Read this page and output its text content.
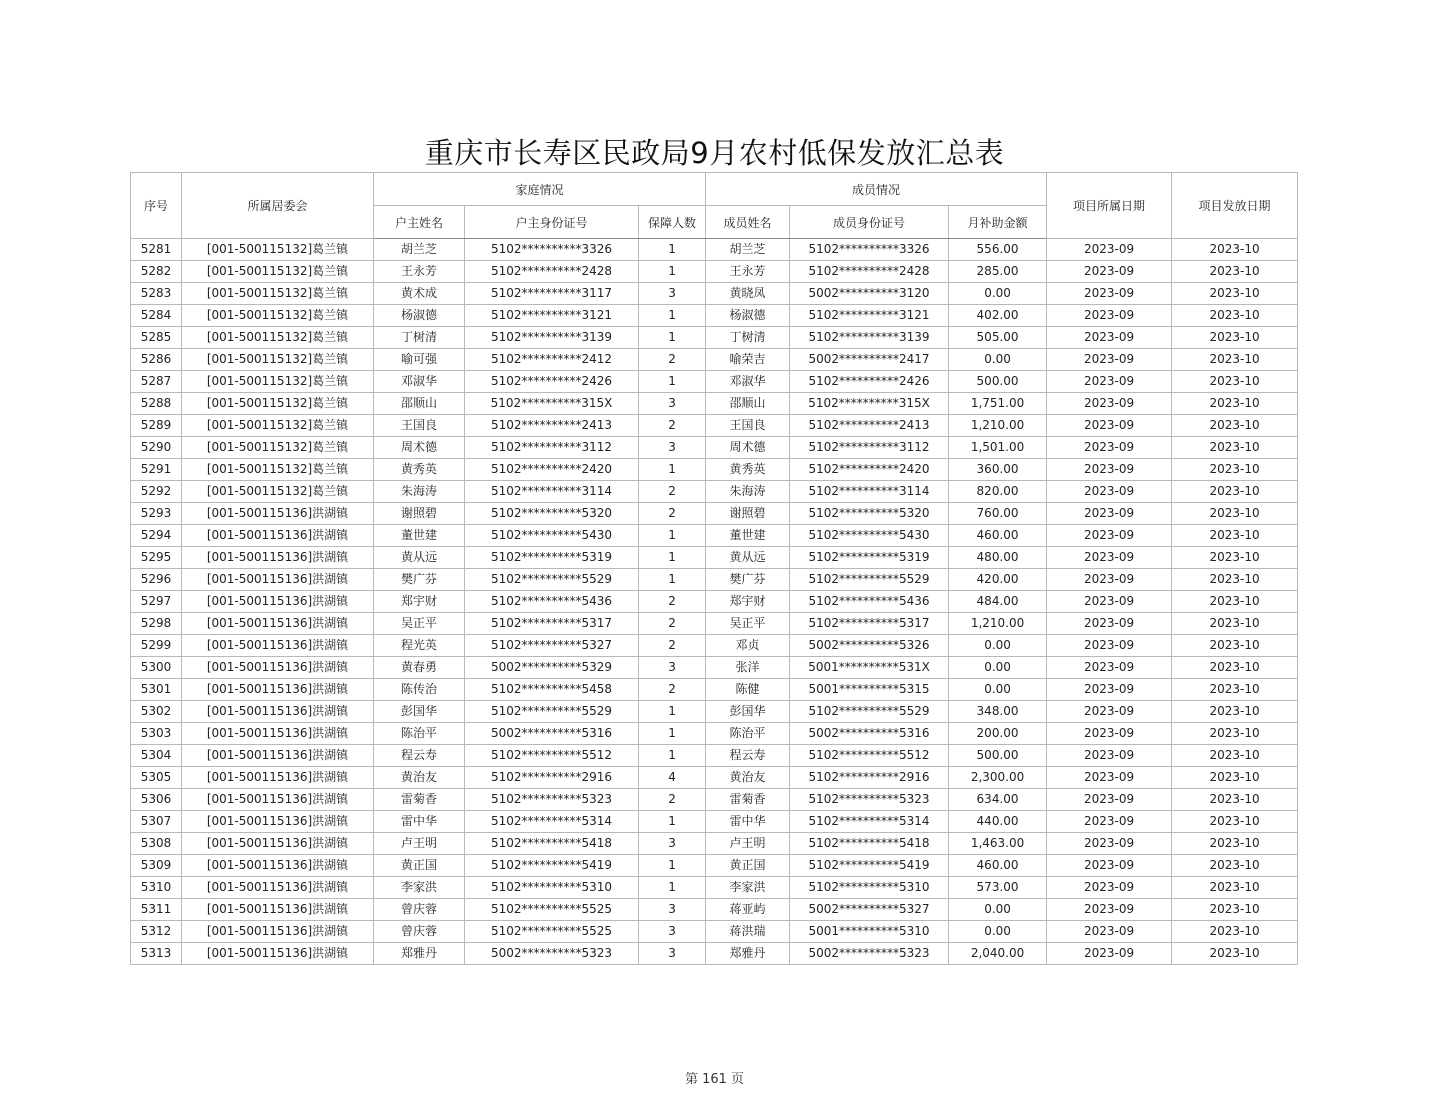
重庆市长寿区民政局9月农村低保发放汇总表
序号	所属居委会	家庭情况			成员情况			项目所属日期	项目发放日期
		户主姓名	户主身份证号	保障人数	成员姓名	成员身份证号	月补助金额		
5281	[001-500115132]葛兰镇	胡兰芝	5102**********3326	1	胡兰芝	5102**********3326	556.00	2023-09	2023-10
5282	[001-500115132]葛兰镇	王永芳	5102**********2428	1	王永芳	5102**********2428	285.00	2023-09	2023-10
5283	[001-500115132]葛兰镇	黄术成	5102**********3117	3	黄晓凤	5002**********3120	0.00	2023-09	2023-10
5284	[001-500115132]葛兰镇	杨淑德	5102**********3121	1	杨淑德	5102**********3121	402.00	2023-09	2023-10
5285	[001-500115132]葛兰镇	丁树清	5102**********3139	1	丁树清	5102**********3139	505.00	2023-09	2023-10
5286	[001-500115132]葛兰镇	喻可强	5102**********2412	2	喻荣吉	5002**********2417	0.00	2023-09	2023-10
5287	[001-500115132]葛兰镇	邓淑华	5102**********2426	1	邓淑华	5102**********2426	500.00	2023-09	2023-10
5288	[001-500115132]葛兰镇	邵顺山	5102**********315X	3	邵顺山	5102**********315X	1,751.00	2023-09	2023-10
5289	[001-500115132]葛兰镇	王国良	5102**********2413	2	王国良	5102**********2413	1,210.00	2023-09	2023-10
5290	[001-500115132]葛兰镇	周术德	5102**********3112	3	周术德	5102**********3112	1,501.00	2023-09	2023-10
5291	[001-500115132]葛兰镇	黄秀英	5102**********2420	1	黄秀英	5102**********2420	360.00	2023-09	2023-10
5292	[001-500115132]葛兰镇	朱海涛	5102**********3114	2	朱海涛	5102**********3114	820.00	2023-09	2023-10
5293	[001-500115136]洪湖镇	谢照碧	5102**********5320	2	谢照碧	5102**********5320	760.00	2023-09	2023-10
5294	[001-500115136]洪湖镇	董世建	5102**********5430	1	董世建	5102**********5430	460.00	2023-09	2023-10
5295	[001-500115136]洪湖镇	黄从远	5102**********5319	1	黄从远	5102**********5319	480.00	2023-09	2023-10
5296	[001-500115136]洪湖镇	樊广芬	5102**********5529	1	樊广芬	5102**********5529	420.00	2023-09	2023-10
5297	[001-500115136]洪湖镇	郑宇财	5102**********5436	2	郑宇财	5102**********5436	484.00	2023-09	2023-10
5298	[001-500115136]洪湖镇	吴正平	5102**********5317	2	吴正平	5102**********5317	1,210.00	2023-09	2023-10
5299	[001-500115136]洪湖镇	程光英	5102**********5327	2	邓贞	5002**********5326	0.00	2023-09	2023-10
5300	[001-500115136]洪湖镇	黄春勇	5002**********5329	3	张洋	5001**********531X	0.00	2023-09	2023-10
5301	[001-500115136]洪湖镇	陈传治	5102**********5458	2	陈健	5001**********5315	0.00	2023-09	2023-10
5302	[001-500115136]洪湖镇	彭国华	5102**********5529	1	彭国华	5102**********5529	348.00	2023-09	2023-10
5303	[001-500115136]洪湖镇	陈治平	5002**********5316	1	陈治平	5002**********5316	200.00	2023-09	2023-10
5304	[001-500115136]洪湖镇	程云寿	5102**********5512	1	程云寿	5102**********5512	500.00	2023-09	2023-10
5305	[001-500115136]洪湖镇	黄治友	5102**********2916	4	黄治友	5102**********2916	2,300.00	2023-09	2023-10
5306	[001-500115136]洪湖镇	雷菊香	5102**********5323	2	雷菊香	5102**********5323	634.00	2023-09	2023-10
5307	[001-500115136]洪湖镇	雷中华	5102**********5314	1	雷中华	5102**********5314	440.00	2023-09	2023-10
5308	[001-500115136]洪湖镇	卢王明	5102**********5418	3	卢王明	5102**********5418	1,463.00	2023-09	2023-10
5309	[001-500115136]洪湖镇	黄正国	5102**********5419	1	黄正国	5102**********5419	460.00	2023-09	2023-10
5310	[001-500115136]洪湖镇	李家洪	5102**********5310	1	李家洪	5102**********5310	573.00	2023-09	2023-10
5311	[001-500115136]洪湖镇	曾庆蓉	5102**********5525	3	蒋亚屿	5002**********5327	0.00	2023-09	2023-10
5312	[001-500115136]洪湖镇	曾庆蓉	5102**********5525	3	蒋洪瑞	5001**********5310	0.00	2023-09	2023-10
5313	[001-500115136]洪湖镇	郑雅丹	5002**********5323	3	郑雅丹	5002**********5323	2,040.00	2023-09	2023-10
第 161 页
